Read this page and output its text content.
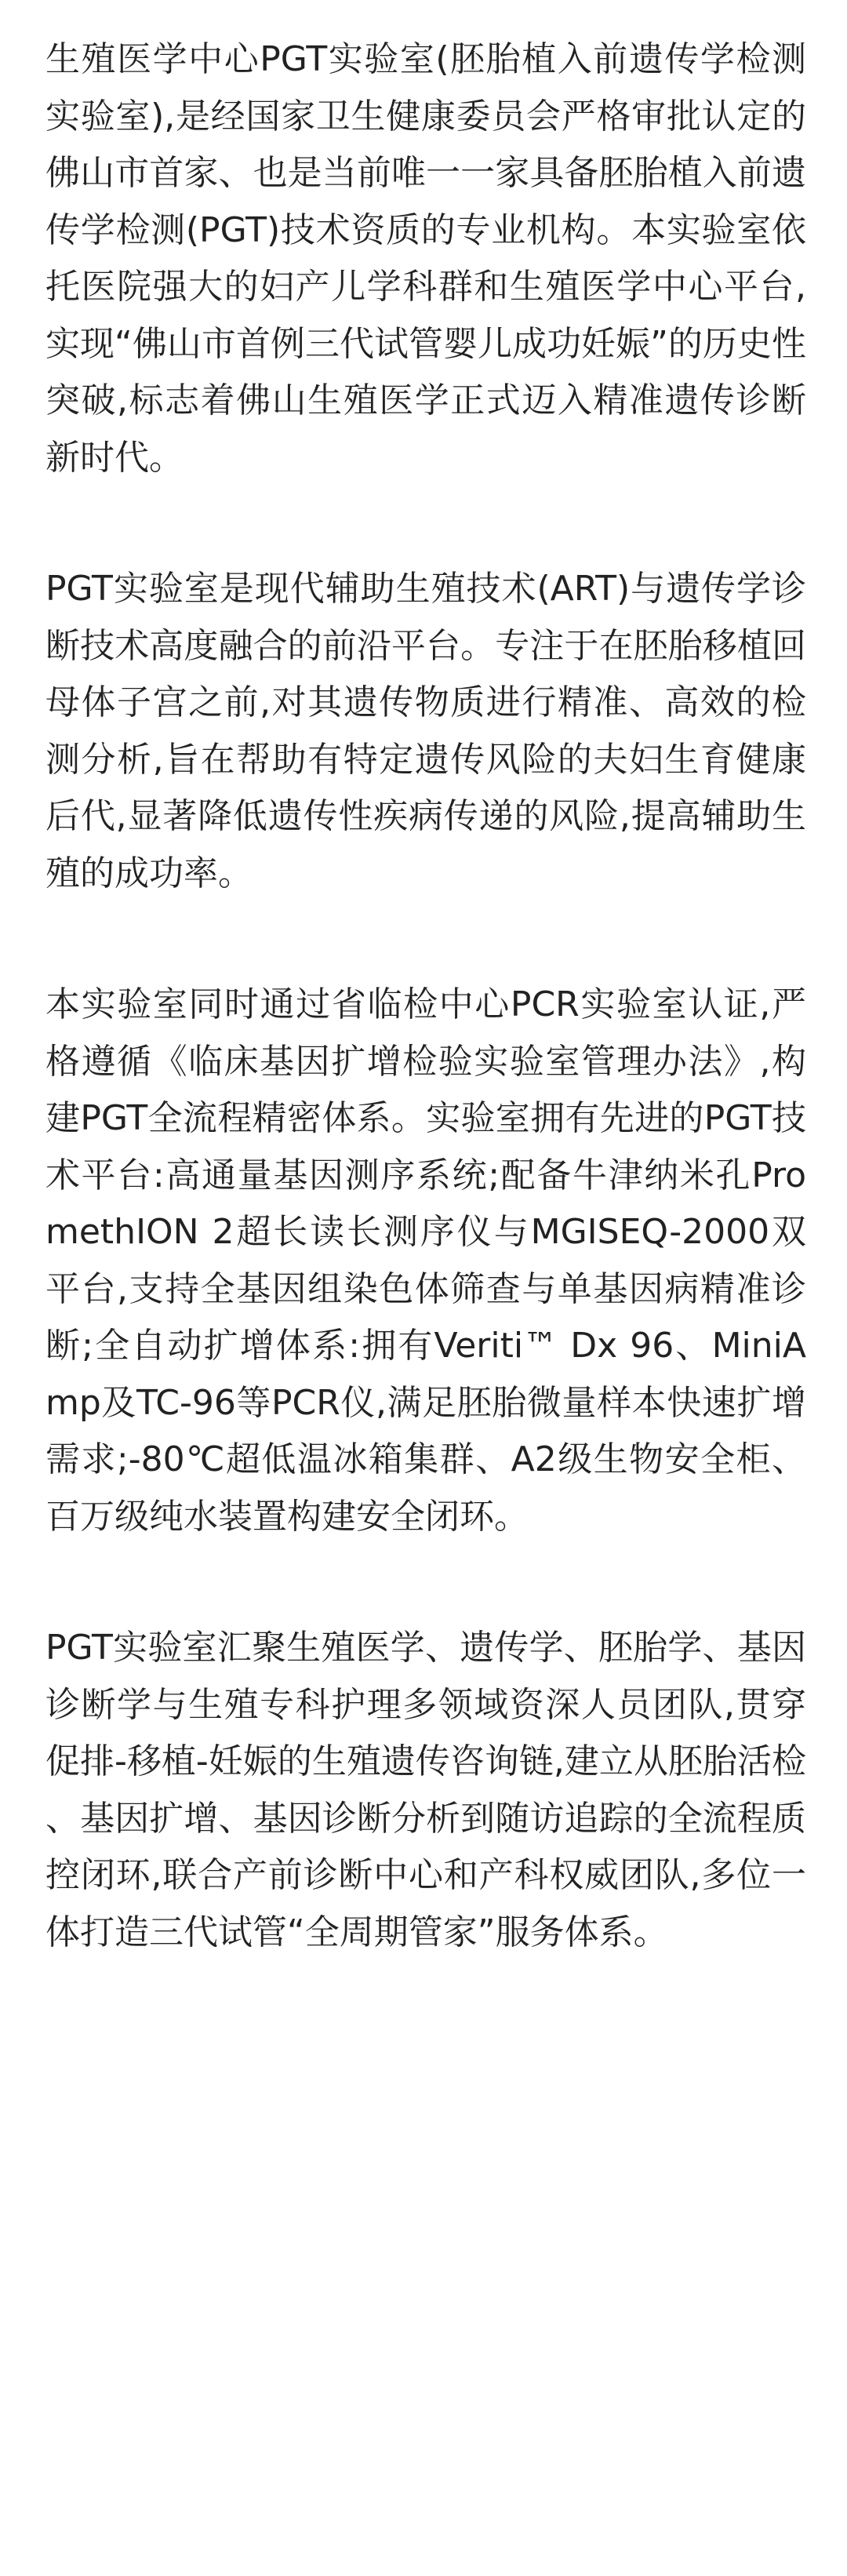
生殖医学中心PGT实验室(胚胎植入前遗传学检测实验室),是经国家卫生健康委员会严格审批认定的佛山市首家、也是当前唯一一家具备胚胎植入前遗传学检测(PGT)技术资质的专业机构。本实验室依托医院强大的妇产儿学科群和生殖医学中心平台,实现“佛山市首例三代试管婴儿成功妊娠”的历史性突破,标志着佛山生殖医学正式迈入精准遗传诊断新时代。

PGT实验室是现代辅助生殖技术(ART)与遗传学诊断技术高度融合的前沿平台。专注于在胚胎移植回母体子宫之前,对其遗传物质进行精准、高效的检测分析,旨在帮助有特定遗传风险的夫妇生育健康后代,显著降低遗传性疾病传递的风险,提高辅助生殖的成功率。

本实验室同时通过省临检中心PCR实验室认证,严格遵循《临床基因扩增检验实验室管理办法》,构建PGT全流程精密体系。实验室拥有先进的PGT技术平台:高通量基因测序系统;配备牛津纳米孔PromethION 2超长读长测序仪与MGISEQ-2000双平台,支持全基因组染色体筛查与单基因病精准诊断;全自动扩增体系:拥有Veriti™ Dx 96、MiniAmp及TC-96等PCR仪,满足胚胎微量样本快速扩增需求;-80℃超低温冰箱集群、A2级生物安全柜、百万级纯水装置构建安全闭环。

PGT实验室汇聚生殖医学、遗传学、胚胎学、基因诊断学与生殖专科护理多领域资深人员团队,贯穿促排-移植-妊娠的生殖遗传咨询链,建立从胚胎活检、基因扩增、基因诊断分析到随访追踪的全流程质控闭环,联合产前诊断中心和产科权威团队,多位一体打造三代试管“全周期管家”服务体系。
